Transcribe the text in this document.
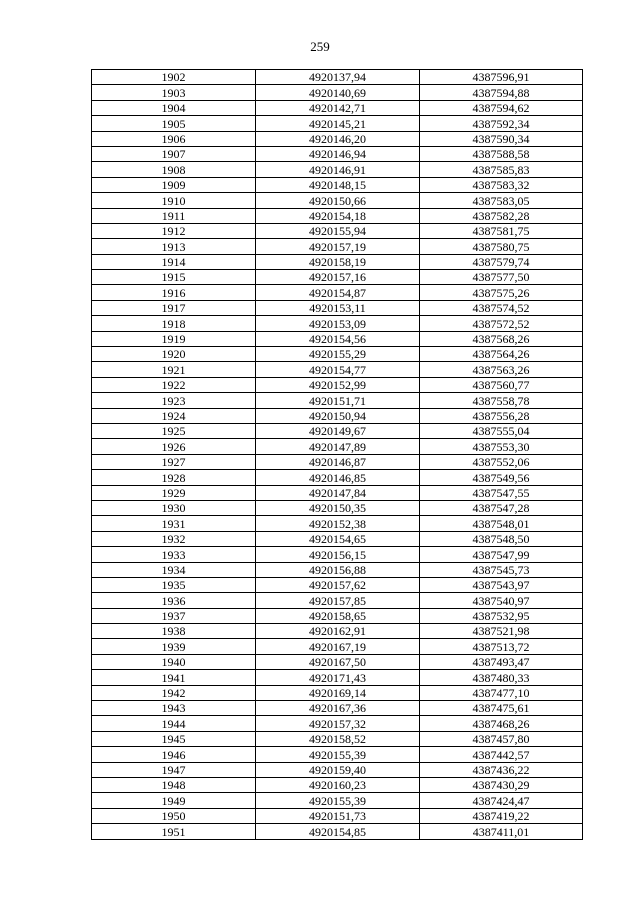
259
1902	4920137,94	4387596,91
1903	4920140,69	4387594,88
1904	4920142,71	4387594,62
1905	4920145,21	4387592,34
1906	4920146,20	4387590,34
1907	4920146,94	4387588,58
1908	4920146,91	4387585,83
1909	4920148,15	4387583,32
1910	4920150,66	4387583,05
1911	4920154,18	4387582,28
1912	4920155,94	4387581,75
1913	4920157,19	4387580,75
1914	4920158,19	4387579,74
1915	4920157,16	4387577,50
1916	4920154,87	4387575,26
1917	4920153,11	4387574,52
1918	4920153,09	4387572,52
1919	4920154,56	4387568,26
1920	4920155,29	4387564,26
1921	4920154,77	4387563,26
1922	4920152,99	4387560,77
1923	4920151,71	4387558,78
1924	4920150,94	4387556,28
1925	4920149,67	4387555,04
1926	4920147,89	4387553,30
1927	4920146,87	4387552,06
1928	4920146,85	4387549,56
1929	4920147,84	4387547,55
1930	4920150,35	4387547,28
1931	4920152,38	4387548,01
1932	4920154,65	4387548,50
1933	4920156,15	4387547,99
1934	4920156,88	4387545,73
1935	4920157,62	4387543,97
1936	4920157,85	4387540,97
1937	4920158,65	4387532,95
1938	4920162,91	4387521,98
1939	4920167,19	4387513,72
1940	4920167,50	4387493,47
1941	4920171,43	4387480,33
1942	4920169,14	4387477,10
1943	4920167,36	4387475,61
1944	4920157,32	4387468,26
1945	4920158,52	4387457,80
1946	4920155,39	4387442,57
1947	4920159,40	4387436,22
1948	4920160,23	4387430,29
1949	4920155,39	4387424,47
1950	4920151,73	4387419,22
1951	4920154,85	4387411,01
